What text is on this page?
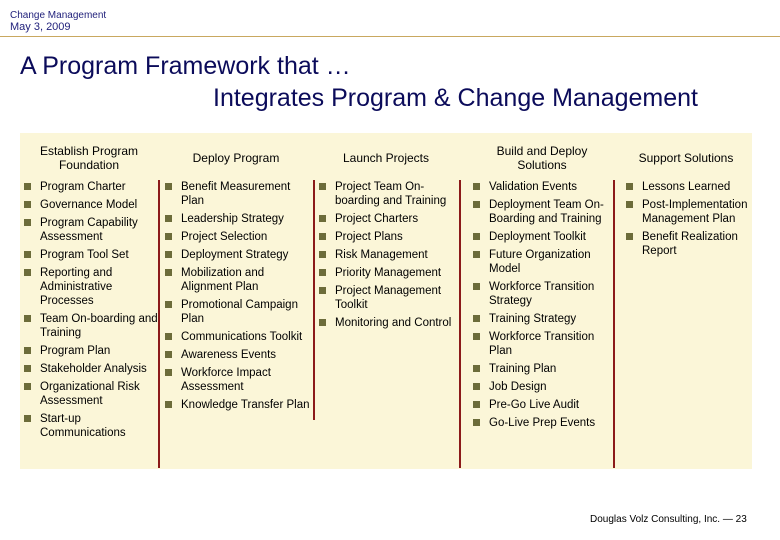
Change Management
May 3, 2009
A Program Framework that …
Integrates Program & Change Management
Establish Program Foundation
Program Charter
Governance Model
Program Capability Assessment
Program Tool Set
Reporting and Administrative Processes
Team On-boarding and Training
Program Plan
Stakeholder Analysis
Organizational Risk Assessment
Start-up Communications
Deploy Program
Benefit Measurement Plan
Leadership Strategy
Project Selection
Deployment Strategy
Mobilization and Alignment Plan
Promotional Campaign Plan
Communications Toolkit
Awareness Events
Workforce Impact Assessment
Knowledge Transfer Plan
Launch Projects
Project Team On-boarding and Training
Project Charters
Project Plans
Risk Management
Priority Management
Project Management Toolkit
Monitoring and Control
Build and Deploy Solutions
Validation Events
Deployment Team On-Boarding and Training
Deployment Toolkit
Future Organization Model
Workforce Transition Strategy
Training Strategy
Workforce Transition Plan
Training Plan
Job Design
Pre-Go Live Audit
Go-Live Prep Events
Support Solutions
Lessons Learned
Post-Implementation Management Plan
Benefit Realization Report
Douglas Volz Consulting, Inc. — 23
